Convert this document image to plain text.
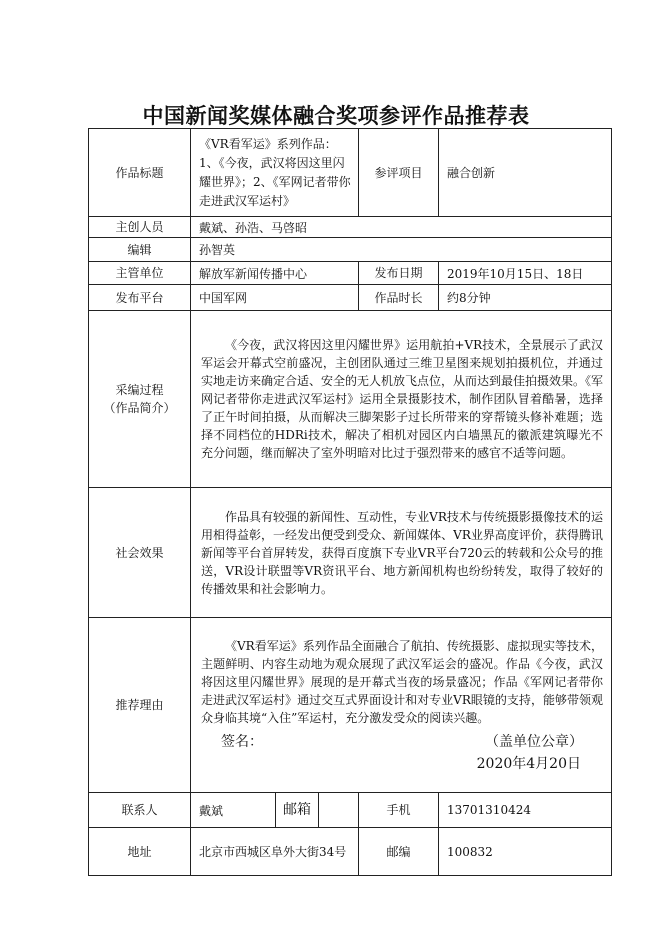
中国新闻奖媒体融合奖项参评作品推荐表
作品标题	《VR看军运》系列作品：
1、《今夜，武汉将因这里闪耀世界》；2、《军网记者带你走进武汉军运村》		参评项目	融合创新
主创人员	戴斌、孙浩、马啓昭			
编辑	孙智英			
主管单位	解放军新闻传播中心		发布日期	2019年10月15日、18日
发布平台	中国军网		作品时长	约8分钟

采编过程
（作品简介）	《今夜，武汉将因这里闪耀世界》运用航拍+VR技术，全景展示了武汉军运会开幕式空前盛况，主创团队通过三维卫星图来规划拍摄机位，并通过实地走访来确定合适、安全的无人机放飞点位，从而达到最佳拍摄效果。《军网记者带你走进武汉军运村》运用全景摄影技术，制作团队冒着酷暑，选择了正午时间拍摄，从而解决三脚架影子过长所带来的穿帮镜头修补难题；选择不同档位的HDRi技术，解决了相机对园区内白墙黑瓦的徽派建筑曝光不充分问题，继而解决了室外明暗对比过于强烈带来的感官不适等问题。			

社会效果	作品具有较强的新闻性、互动性，专业VR技术与传统摄影摄像技术的运用相得益彰，一经发出便受到受众、新闻媒体、VR业界高度评价，获得腾讯新闻等平台首屏转发，获得百度旗下专业VR平台720云的转载和公众号的推送，VR设计联盟等VR资讯平台、地方新闻机构也纷纷转发，取得了较好的传播效果和社会影响力。			

推荐理由	《VR看军运》系列作品全面融合了航拍、传统摄影、虚拟现实等技术，主题鲜明、内容生动地为观众展现了武汉军运会的盛况。作品《今夜，武汉将因这里闪耀世界》展现的是开幕式当夜的场景盛况；作品《军网记者带你走进武汉军运村》通过交互式界面设计和对专业VR眼镜的支持，能够带领观众身临其境“入住”军运村，充分激发受众的阅读兴趣。

签名： （盖单位公章）
2020年4月20日			

联系人	戴斌	邮箱	手机	13701310424
地址	北京市西城区阜外大街34号		邮编	100832
